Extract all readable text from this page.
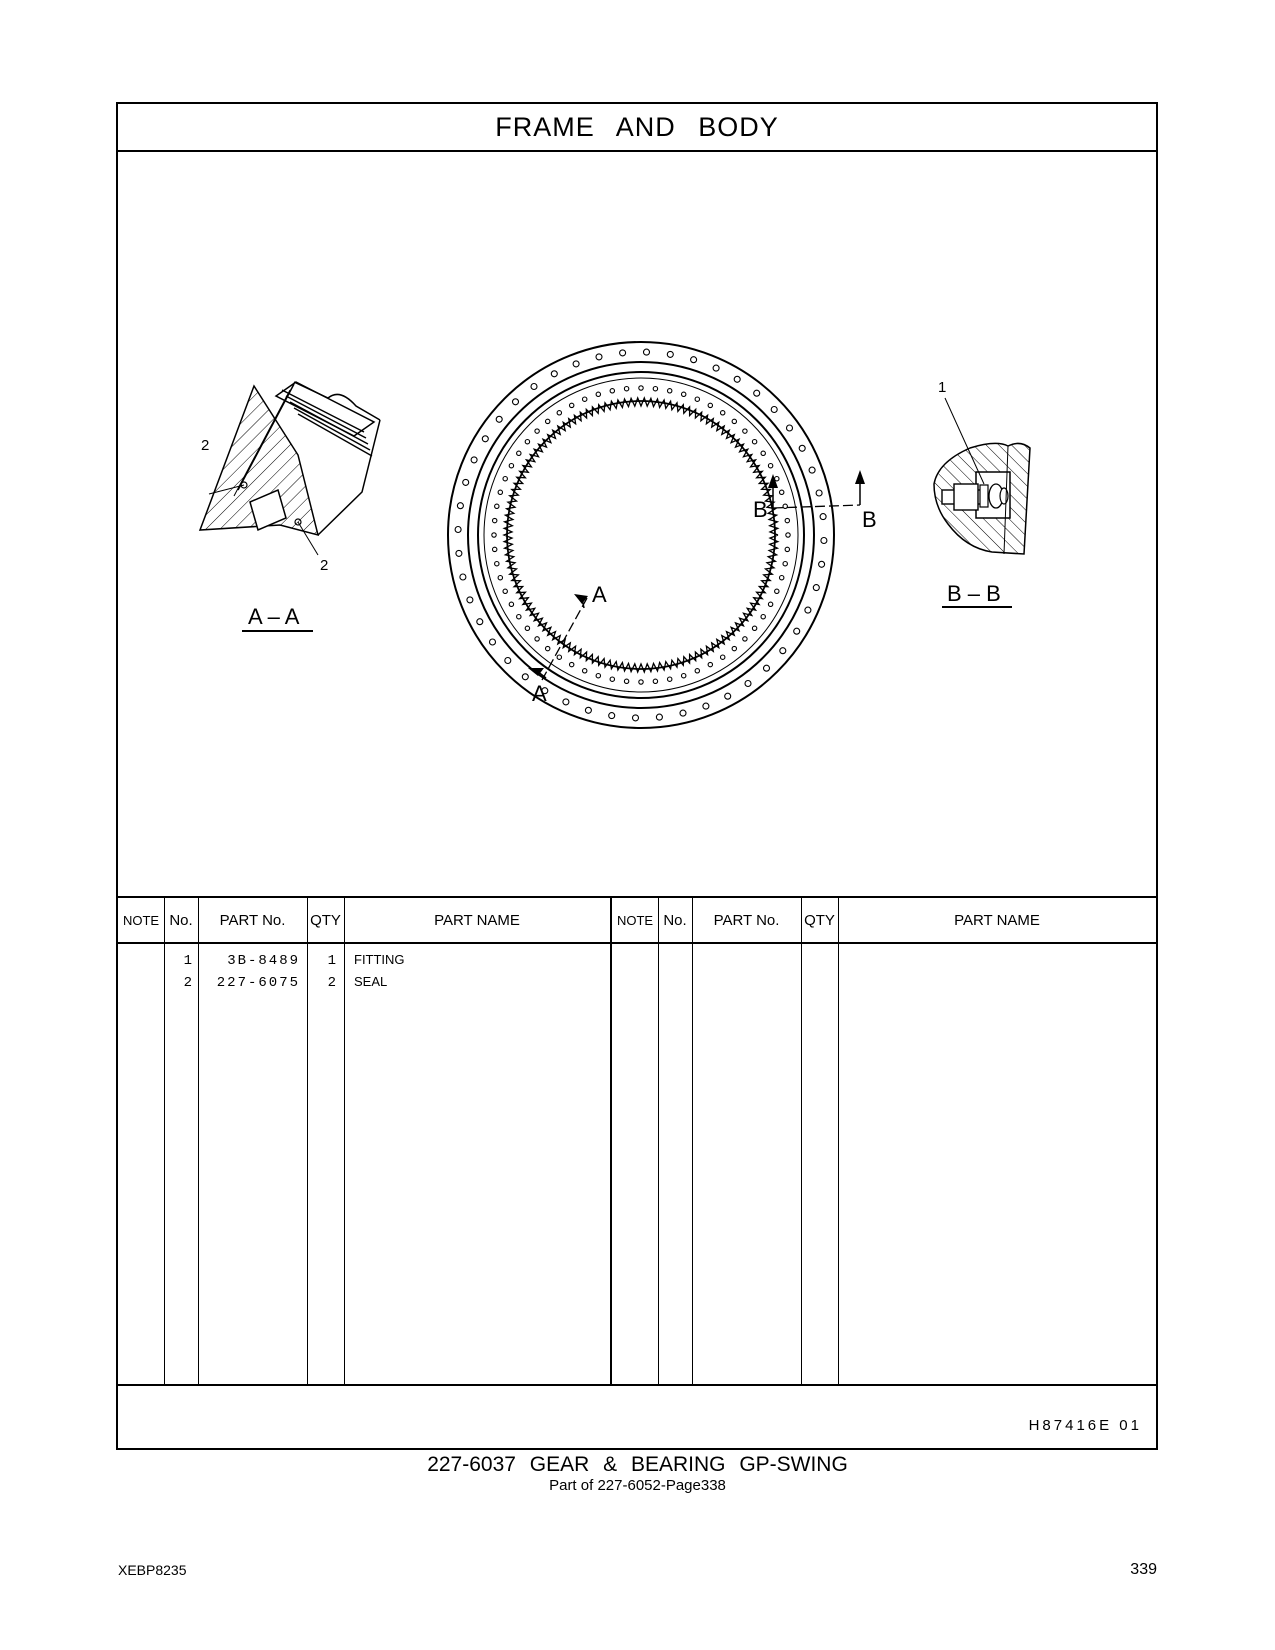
FRAME AND BODY
2
2
A – A
A
A
B	B
1
B – B
NOTE No.	PART No.	QTY	PART NAME	NOTE No.	PART No.	QTY	PART NAME
1	3B-8489	1 FITTING
2	227-6075	2 SEAL
H87416E 01
227-6037 GEAR & BEARING GP-SWING
Part of 227-6052-Page338
XEBP8235	339
